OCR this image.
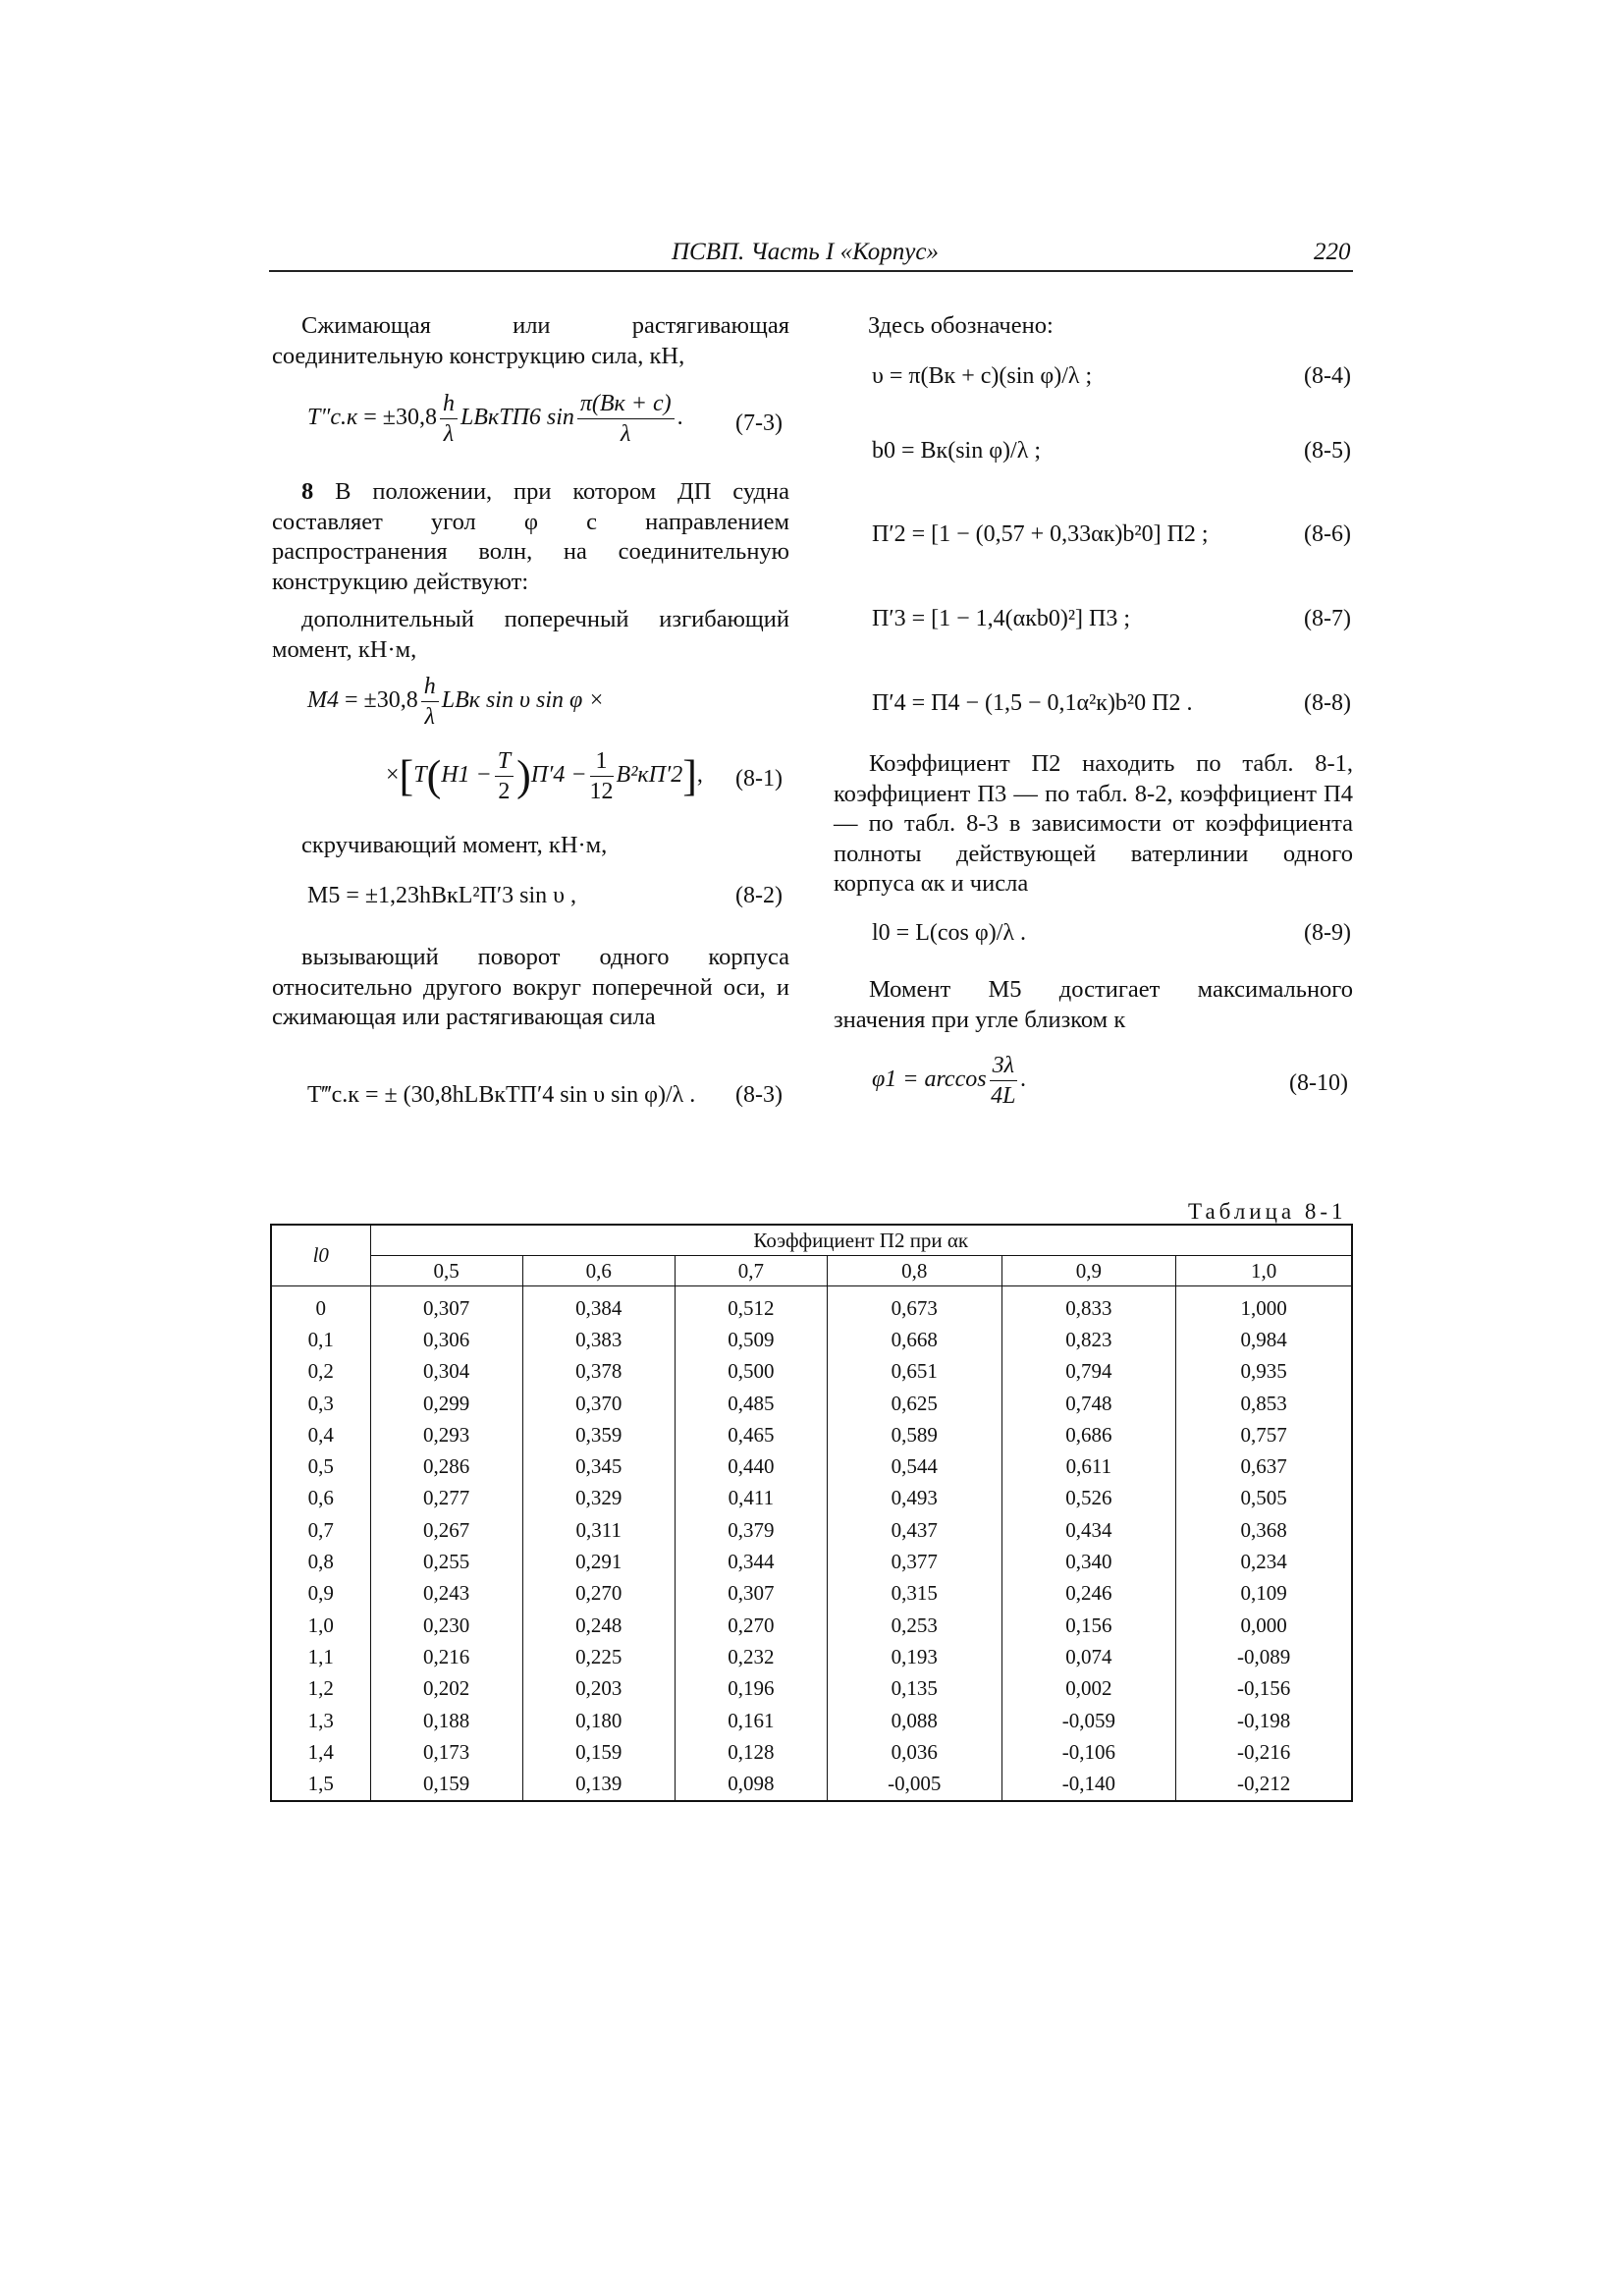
ПСВП. Часть I «Корпус»	220
Сжимающая или растягивающая соединительную конструкцию сила, кН,
$T''с.к = \pm 30,8 \frac{h}{\lambda}$ LBкTП6 $\sin \frac{\pi(Bк + c)}{\lambda}$ . (7-3)
8 В положении, при котором ДП судна составляет угол φ с направлением распространения волн, на соединительную конструкцию действуют:
дополнительный поперечный изгибающий момент, кН·м,
$M4 = \pm 30,8 \frac{h}{\lambda}$ LBк sin υ sin φ ×
$\times[T(H1 - \frac{T}{2} )П'4 - \frac{1}{12} B^2кП'2]$, (8-1)
скручивающий момент, кН·м,
M5 = ±1,23hBкL²П′3 sin υ ,	(8-2)
вызывающий поворот одного корпуса относительно другого вокруг поперечной оси, и сжимающая или растягивающая сила
T‴с.к = ± (30,8hLBкTП′4 sin υ sin φ)/λ . (8-3)
Здесь обозначено:
υ = π(Bк + c)(sin φ)/λ ;	(8-4)
b0 = Bк(sin φ)/λ ;	(8-5)
П′2 = [1 − (0,57 + 0,33αк)b²0] П2 ;	(8-6)
П′3 = [1 − 1,4(αкb0)²] П3 ;	(8-7)
П′4 = П4 − (1,5 − 0,1α²к)b²0 П2 .	(8-8)
Коэффициент П2 находить по табл. 8-1, коэффициент П3 — по табл. 8-2, коэффициент П4 — по табл. 8-3 в зависимости от коэффициента полноты действующей ватерлинии одного корпуса αк и числа
l0 = L(cos φ)/λ .	(8-9)
Момент M5 достигает максимального значения при угле близком к
$\varphi 1 = \arccos \frac{3\lambda}{4L}$ .	(8-10)
Таблица 8-1
l0	Коэффициент П2 при αк					
	0,5	0,6	0,7	0,8	0,9	1,0
0	0,307	0,384	0,512	0,673	0,833	1,000
0,1	0,306	0,383	0,509	0,668	0,823	0,984
0,2	0,304	0,378	0,500	0,651	0,794	0,935
0,3	0,299	0,370	0,485	0,625	0,748	0,853
0,4	0,293	0,359	0,465	0,589	0,686	0,757
0,5	0,286	0,345	0,440	0,544	0,611	0,637
0,6	0,277	0,329	0,411	0,493	0,526	0,505
0,7	0,267	0,311	0,379	0,437	0,434	0,368
0,8	0,255	0,291	0,344	0,377	0,340	0,234
0,9	0,243	0,270	0,307	0,315	0,246	0,109
1,0	0,230	0,248	0,270	0,253	0,156	0,000
1,1	0,216	0,225	0,232	0,193	0,074	-0,089
1,2	0,202	0,203	0,196	0,135	0,002	-0,156
1,3	0,188	0,180	0,161	0,088	-0,059	-0,198
1,4	0,173	0,159	0,128	0,036	-0,106	-0,216
1,5	0,159	0,139	0,098	-0,005	-0,140	-0,212
